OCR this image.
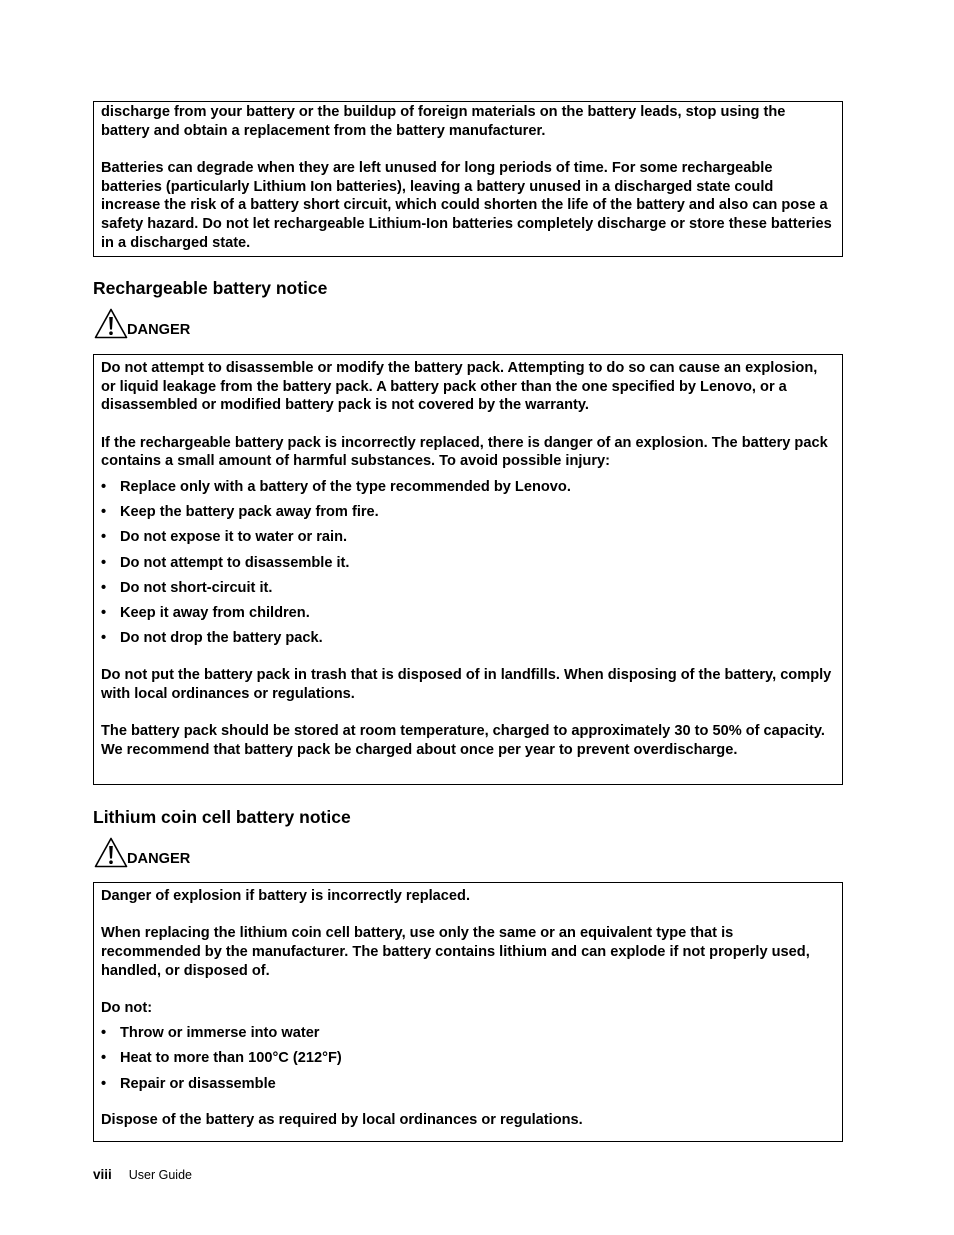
discharge from your battery or the buildup of foreign materials on the battery leads, stop using the battery and obtain a replacement from the battery manufacturer.

Batteries can degrade when they are left unused for long periods of time. For some rechargeable batteries (particularly Lithium Ion batteries), leaving a battery unused in a discharged state could increase the risk of a battery short circuit, which could shorten the life of the battery and also can pose a safety hazard. Do not let rechargeable Lithium-Ion batteries completely discharge or store these batteries in a discharged state.

Rechargeable battery notice
DANGER

Do not attempt to disassemble or modify the battery pack. Attempting to do so can cause an explosion, or liquid leakage from the battery pack. A battery pack other than the one specified by Lenovo, or a disassembled or modified battery pack is not covered by the warranty.

If the rechargeable battery pack is incorrectly replaced, there is danger of an explosion. The battery pack contains a small amount of harmful substances. To avoid possible injury:

• Replace only with a battery of the type recommended by Lenovo.
• Keep the battery pack away from fire.
• Do not expose it to water or rain.
• Do not attempt to disassemble it.
• Do not short-circuit it.
• Keep it away from children.
• Do not drop the battery pack.

Do not put the battery pack in trash that is disposed of in landfills. When disposing of the battery, comply with local ordinances or regulations.

The battery pack should be stored at room temperature, charged to approximately 30 to 50% of capacity. We recommend that battery pack be charged about once per year to prevent overdischarge.

Lithium coin cell battery notice
DANGER

Danger of explosion if battery is incorrectly replaced.

When replacing the lithium coin cell battery, use only the same or an equivalent type that is recommended by the manufacturer. The battery contains lithium and can explode if not properly used, handled, or disposed of.

Do not:

• Throw or immerse into water
• Heat to more than 100°C (212°F)
• Repair or disassemble

Dispose of the battery as required by local ordinances or regulations.

viii User Guide
